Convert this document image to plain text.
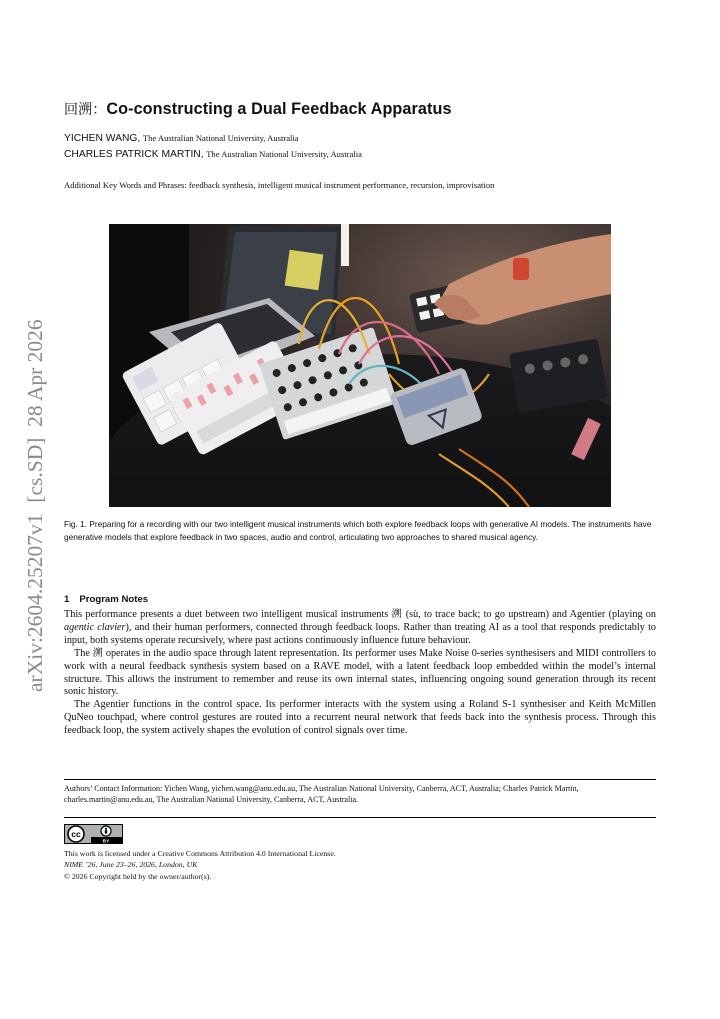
arXiv:2604.25207v1  [cs.SD]  28 Apr 2026
回溯：Co-constructing a Dual Feedback Apparatus
YICHEN WANG, The Australian National University, Australia
CHARLES PATRICK MARTIN, The Australian National University, Australia
Additional Key Words and Phrases: feedback synthesis, intelligent musical instrument performance, recursion, improvisation
Fig. 1. Preparing for a recording with our two intelligent musical instruments which both explore feedback loops with generative AI models. The instruments have generative models that explore feedback in two spaces, audio and control, articulating two approaches to shared musical agency.
1 Program Notes

This performance presents a duet between two intelligent musical instruments 溯 (sù, to trace back; to go upstream) and Agentier (playing on agentic clavier), and their human performers, connected through feedback loops. Rather than treating AI as a tool that responds predictably to input, both systems operate recursively, where past actions continuously influence future behaviour.

The 溯 operates in the audio space through latent representation. Its performer uses Make Noise 0-series synthesisers and MIDI controllers to work with a neural feedback synthesis system based on a RAVE model, with a latent feedback loop embedded within the model’s internal structure. This allows the instrument to remember and reuse its own internal states, influencing ongoing sound generation through its recent sonic history.

The Agentier functions in the control space. Its performer interacts with the system using a Roland S-1 synthesiser and Keith McMillen QuNeo touchpad, where control gestures are routed into a recurrent neural network that feeds back into the synthesis process. Through this feedback loop, the system actively shapes the evolution of control signals over time.

Authors’ Contact Information: Yichen Wang, yichen.wang@anu.edu.au, The Australian National University, Canberra, ACT, Australia; Charles Patrick Martin, charles.martin@anu.edu.au, The Australian National University, Canberra, ACT, Australia.
cc
BY
This work is licensed under a Creative Commons Attribution 4.0 International License.
NIME ’26, June 23–26, 2026, London, UK
© 2026 Copyright held by the owner/author(s).
